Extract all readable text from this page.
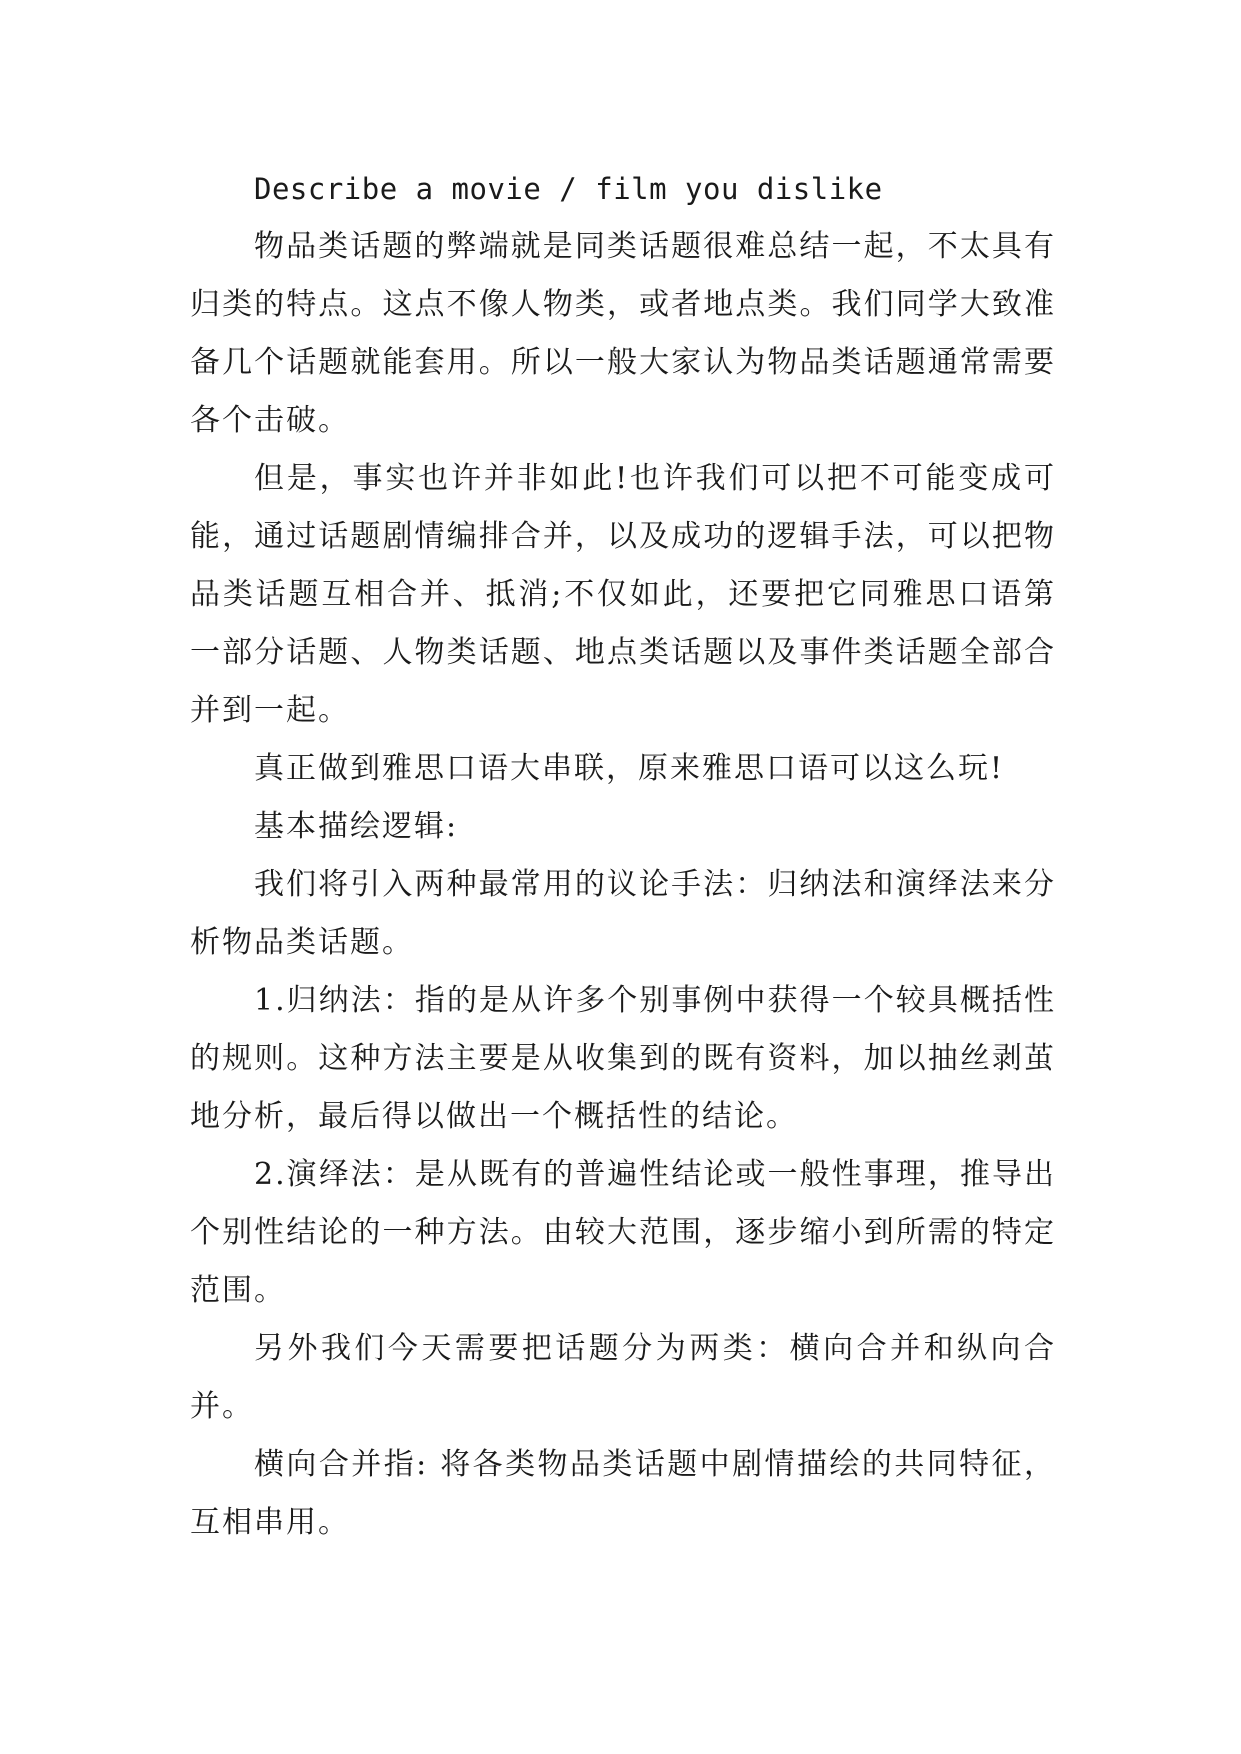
Describe a movie / film you dislike

物品类话题的弊端就是同类话题很难总结一起，不太具有归类的特点。这点不像人物类，或者地点类。我们同学大致准备几个话题就能套用。所以一般大家认为物品类话题通常需要各个击破。

但是，事实也许并非如此!也许我们可以把不可能变成可能，通过话题剧情编排合并，以及成功的逻辑手法，可以把物品类话题互相合并、抵消;不仅如此，还要把它同雅思口语第一部分话题、人物类话题、地点类话题以及事件类话题全部合并到一起。

真正做到雅思口语大串联，原来雅思口语可以这么玩!

基本描绘逻辑:

我们将引入两种最常用的议论手法：归纳法和演绎法来分析物品类话题。

1.归纳法：指的是从许多个别事例中获得一个较具概括性的规则。这种方法主要是从收集到的既有资料，加以抽丝剥茧地分析，最后得以做出一个概括性的结论。

2.演绎法：是从既有的普遍性结论或一般性事理，推导出个别性结论的一种方法。由较大范围，逐步缩小到所需的特定范围。

另外我们今天需要把话题分为两类：横向合并和纵向合并。

横向合并指: 将各类物品类话题中剧情描绘的共同特征，互相串用。
